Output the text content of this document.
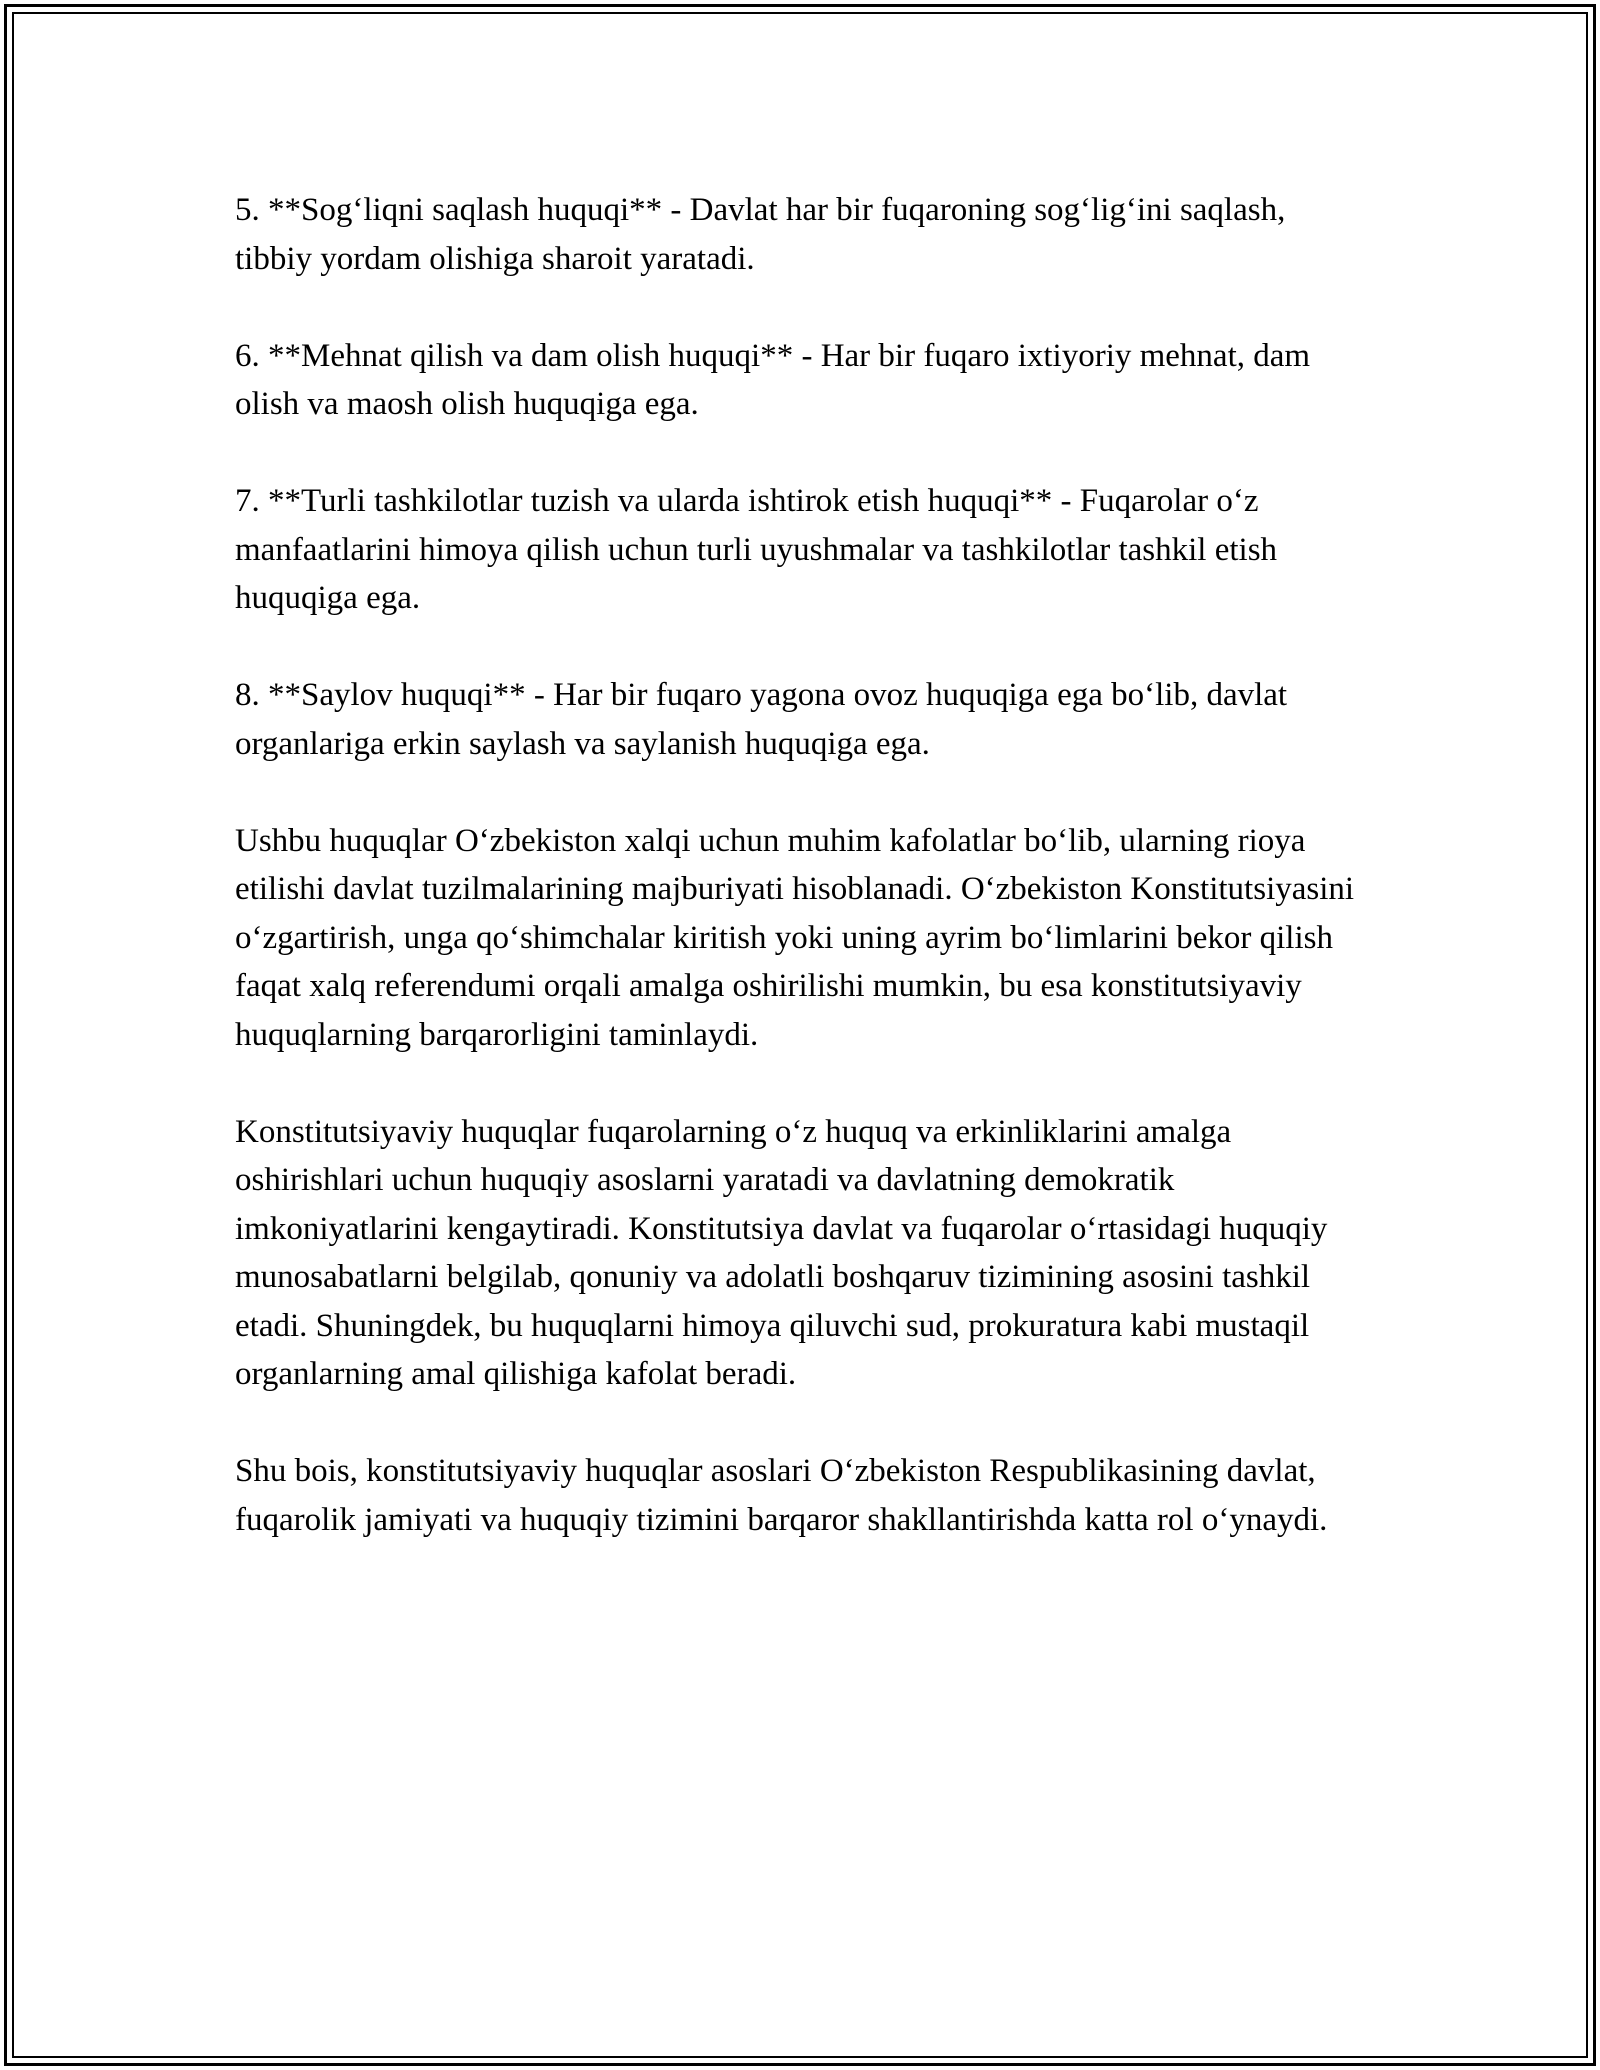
5. **Sog‘liqni saqlash huquqi** - Davlat har bir fuqaroning sog‘lig‘ini saqlash, tibbiy yordam olishiga sharoit yaratadi.

6. **Mehnat qilish va dam olish huquqi** - Har bir fuqaro ixtiyoriy mehnat, dam olish va maosh olish huquqiga ega.

7. **Turli tashkilotlar tuzish va ularda ishtirok etish huquqi** - Fuqarolar o‘z manfaatlarini himoya qilish uchun turli uyushmalar va tashkilotlar tashkil etish huquqiga ega.

8. **Saylov huquqi** - Har bir fuqaro yagona ovoz huquqiga ega bo‘lib, davlat organlariga erkin saylash va saylanish huquqiga ega.

Ushbu huquqlar O‘zbekiston xalqi uchun muhim kafolatlar bo‘lib, ularning rioya etilishi davlat tuzilmalarining majburiyati hisoblanadi. O‘zbekiston Konstitutsiyasini o‘zgartirish, unga qo‘shimchalar kiritish yoki uning ayrim bo‘limlarini bekor qilish faqat xalq referendumi orqali amalga oshirilishi mumkin, bu esa konstitutsiyaviy huquqlarning barqarorligini taminlaydi.

Konstitutsiyaviy huquqlar fuqarolarning o‘z huquq va erkinliklarini amalga oshirishlari uchun huquqiy asoslarni yaratadi va davlatning demokratik imkoniyatlarini kengaytiradi. Konstitutsiya davlat va fuqarolar o‘rtasidagi huquqiy munosabatlarni belgilab, qonuniy va adolatli boshqaruv tizimining asosini tashkil etadi. Shuningdek, bu huquqlarni himoya qiluvchi sud, prokuratura kabi mustaqil organlarning amal qilishiga kafolat beradi.

Shu bois, konstitutsiyaviy huquqlar asoslari O‘zbekiston Respublikasining davlat, fuqarolik jamiyati va huquqiy tizimini barqaror shakllantirishda katta rol o‘ynaydi.
